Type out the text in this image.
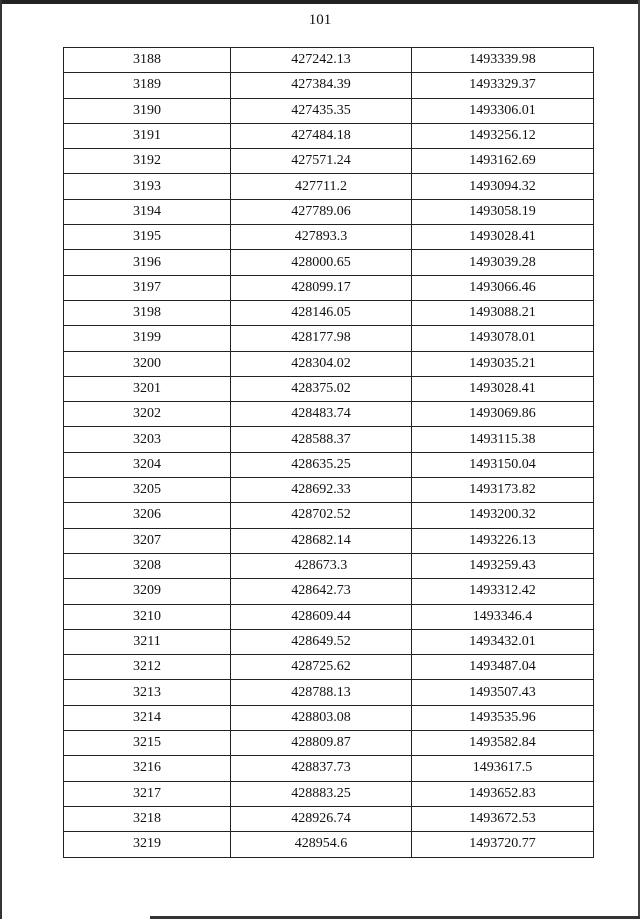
101
3188	427242.13	1493339.98
3189	427384.39	1493329.37
3190	427435.35	1493306.01
3191	427484.18	1493256.12
3192	427571.24	1493162.69
3193	427711.2	1493094.32
3194	427789.06	1493058.19
3195	427893.3	1493028.41
3196	428000.65	1493039.28
3197	428099.17	1493066.46
3198	428146.05	1493088.21
3199	428177.98	1493078.01
3200	428304.02	1493035.21
3201	428375.02	1493028.41
3202	428483.74	1493069.86
3203	428588.37	1493115.38
3204	428635.25	1493150.04
3205	428692.33	1493173.82
3206	428702.52	1493200.32
3207	428682.14	1493226.13
3208	428673.3	1493259.43
3209	428642.73	1493312.42
3210	428609.44	1493346.4
3211	428649.52	1493432.01
3212	428725.62	1493487.04
3213	428788.13	1493507.43
3214	428803.08	1493535.96
3215	428809.87	1493582.84
3216	428837.73	1493617.5
3217	428883.25	1493652.83
3218	428926.74	1493672.53
3219	428954.6	1493720.77
